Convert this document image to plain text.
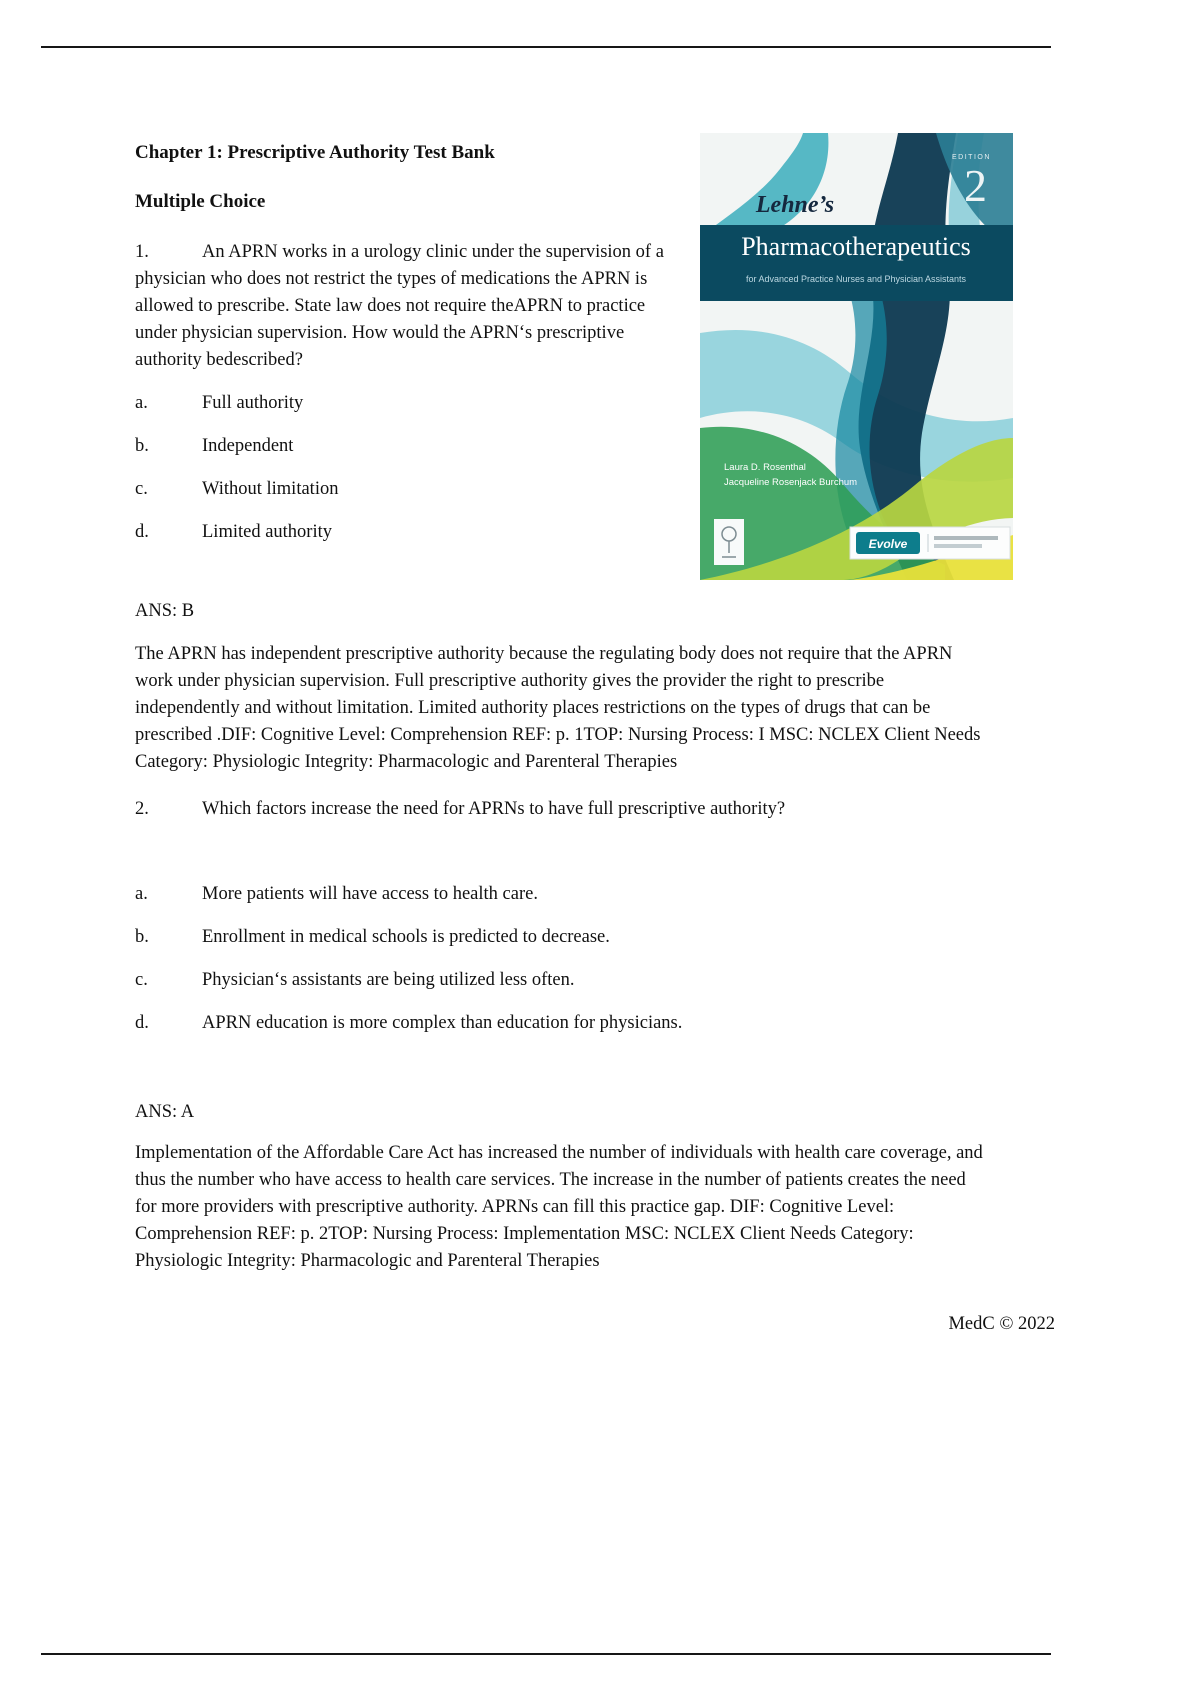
EDITION
2
Lehne’s
Pharmacotherapeutics
for Advanced Practice Nurses and Physician Assistants
Laura D. Rosenthal
Jacqueline Rosenjack Burchum
Evolve
Chapter 1: Prescriptive Authority Test Bank
Multiple Choice

1.	An APRN works in a urology clinic under the supervision of a physician who does not restrict the types of medications the APRN is allowed to prescribe. State law does not require theAPRN to practice under physician supervision. How would the APRN‘s prescriptive authority bedescribed?

a.	Full authority

b.	Independent

c.	Without limitation

d.	Limited authority

ANS: B

The APRN has independent prescriptive authority because the regulating body does not require that the APRN work under physician supervision. Full prescriptive authority gives the provider the right to prescribe independently and without limitation. Limited authority places restrictions on the types of drugs that can be prescribed .DIF: Cognitive Level: Comprehension REF: p. 1TOP: Nursing Process: I MSC: NCLEX Client Needs Category: Physiologic Integrity: Pharmacologic and Parenteral Therapies

2.	Which factors increase the need for APRNs to have full prescriptive authority?

a.	More patients will have access to health care.

b.	Enrollment in medical schools is predicted to decrease.

c.	Physician‘s assistants are being utilized less often.

d.	APRN education is more complex than education for physicians.

ANS: A

Implementation of the Affordable Care Act has increased the number of individuals with health care coverage, and thus the number who have access to health care services. The increase in the number of patients creates the need for more providers with prescriptive authority. APRNs can fill this practice gap. DIF: Cognitive Level: Comprehension REF: p. 2TOP: Nursing Process: Implementation MSC: NCLEX Client Needs Category: Physiologic Integrity: Pharmacologic and Parenteral Therapies

MedC © 2022
